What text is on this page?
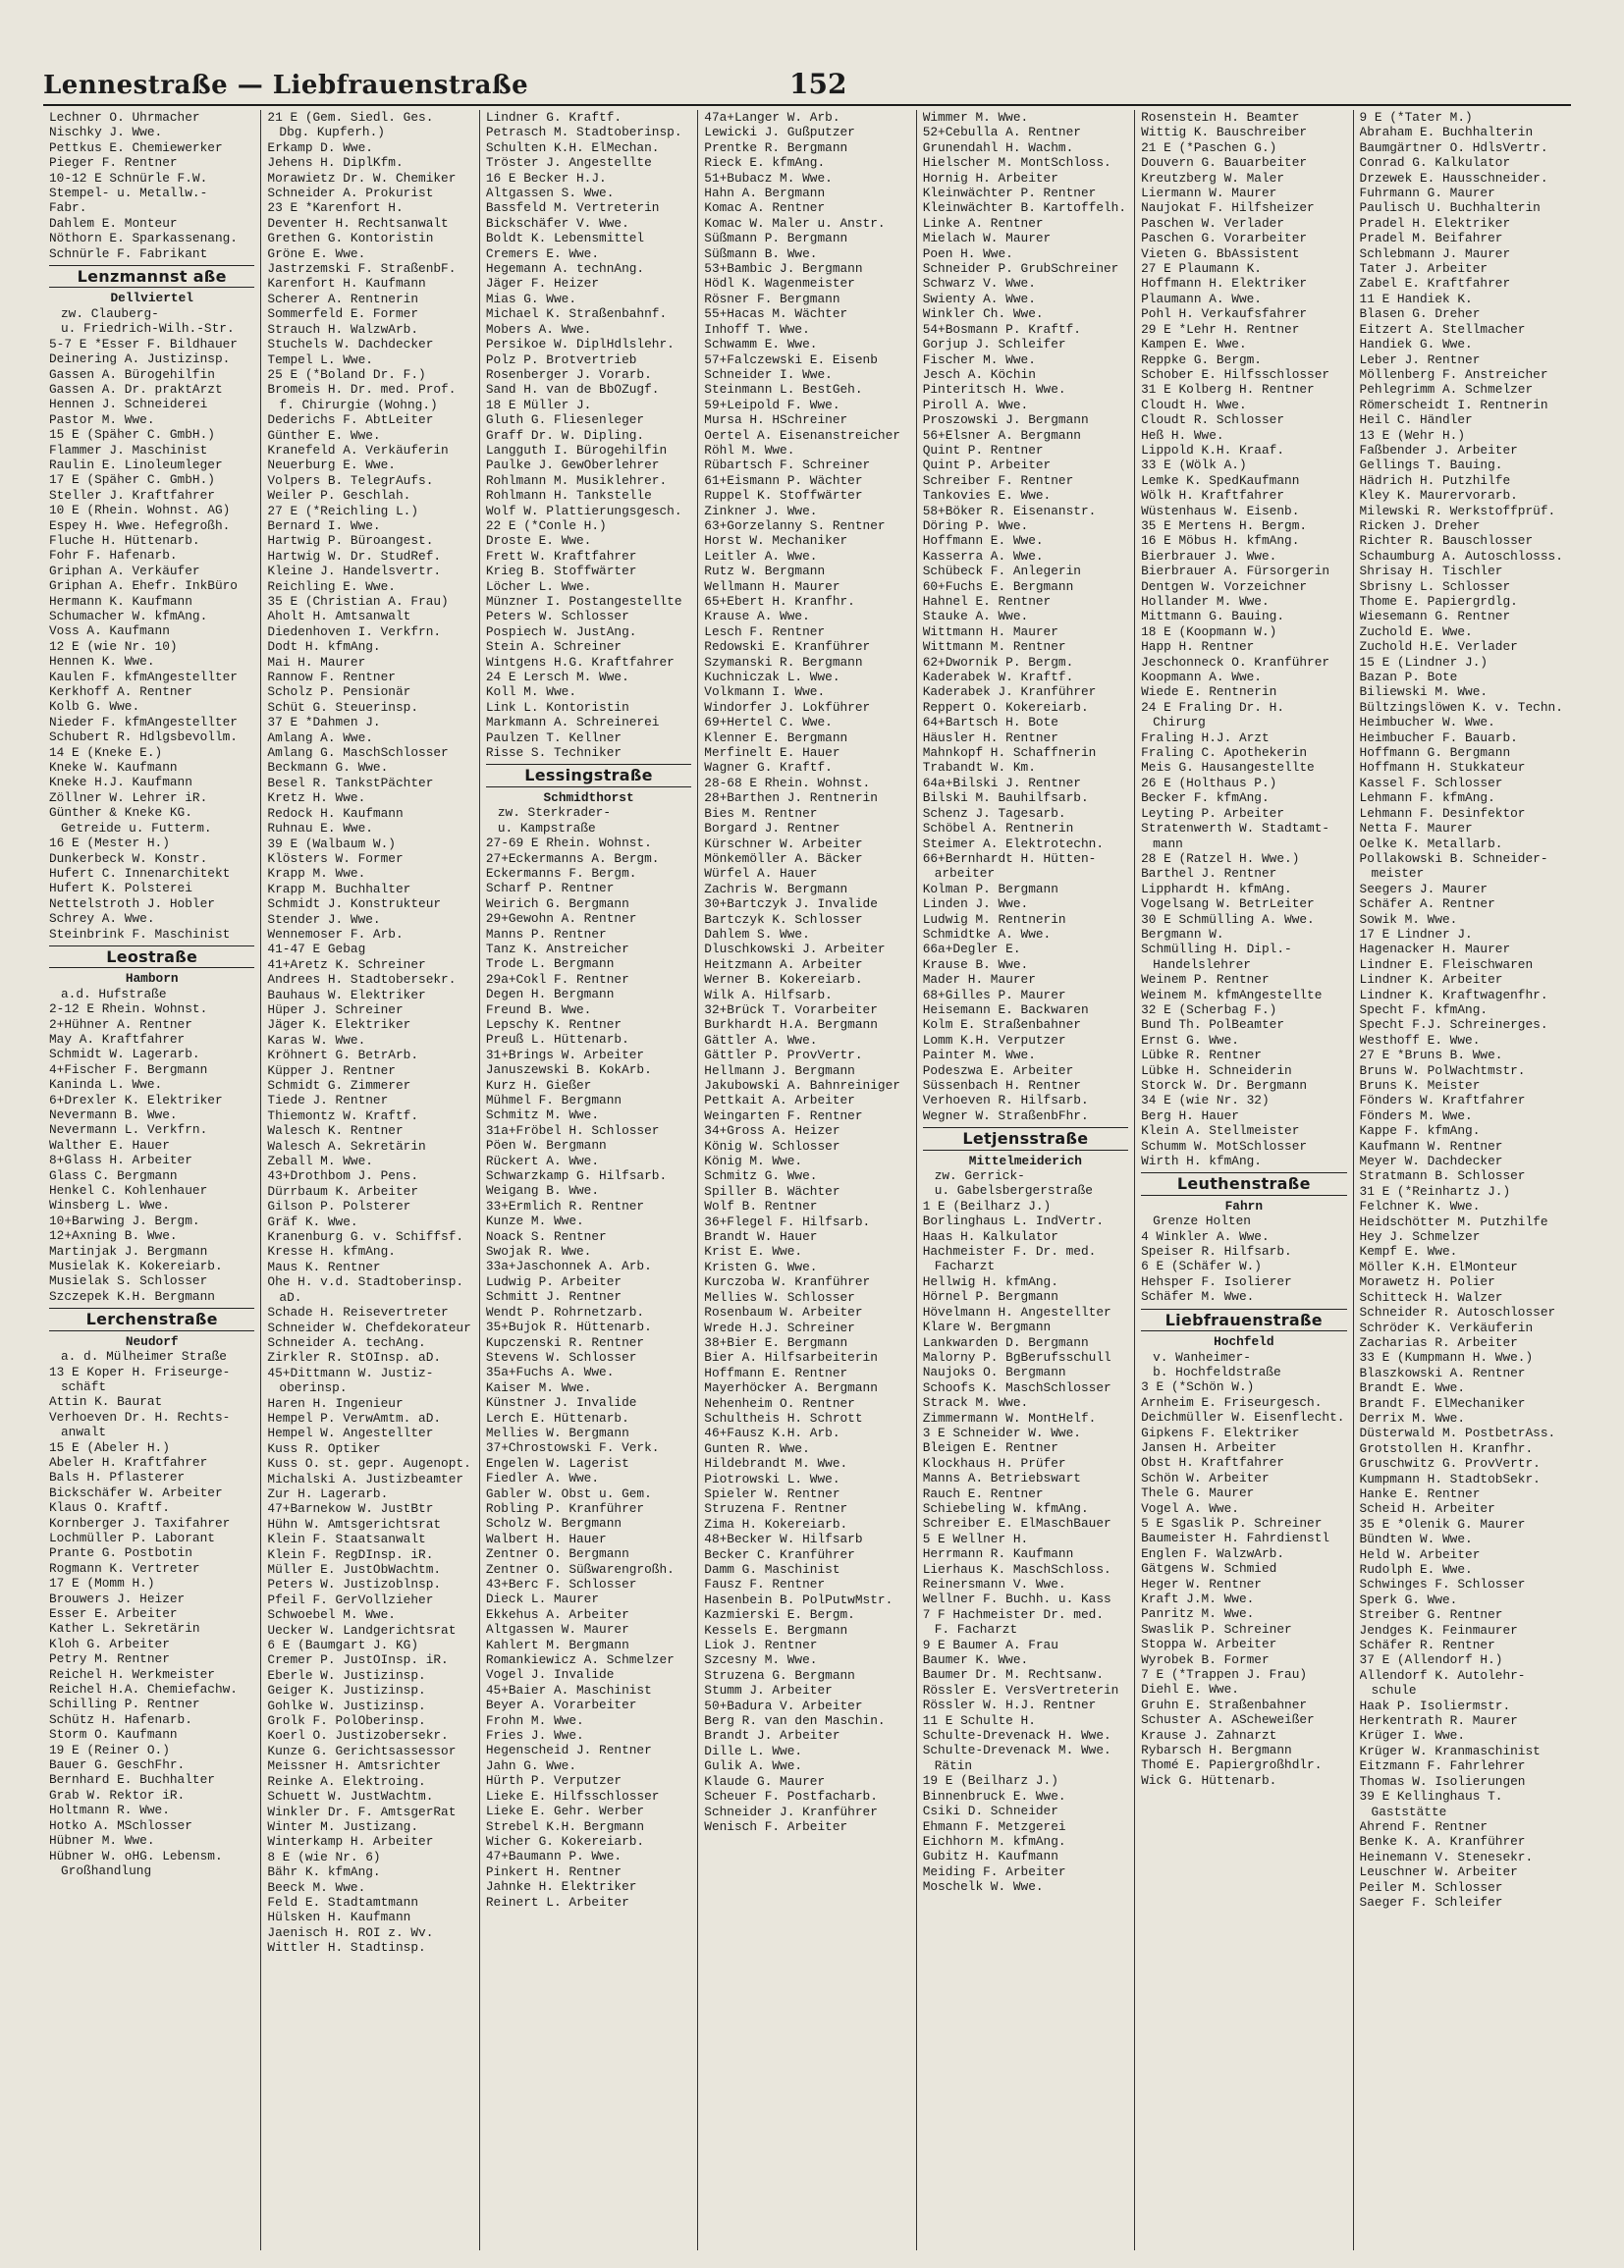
Lennestraße — Liebfrauenstraße	152
Lechner O. Uhrmacher
Nischky J. Wwe.
Pettkus E. Chemiewerker
Pieger F. Rentner
10-12 E Schnürle F.W.
Stempel- u. Metallw.-
Fabr.
Dahlem E. Monteur
Nöthorn E. Sparkassenang.
Schnürle F. Fabrikant
Lenzmannst aße
Dellviertel
zw. Clauberg-
u. Friedrich-Wilh.-Str.
5-7 E *Esser F. Bildhauer
Deinering A. Justizinsp.
Gassen A. Bürogehilfin
Gassen A. Dr. praktArzt
Hennen J. Schneiderei
Pastor M. Wwe.
15 E (Späher C. GmbH.)
Flammer J. Maschinist
Raulin E. Linoleumleger
17 E (Späher C. GmbH.)
Steller J. Kraftfahrer
10 E (Rhein. Wohnst. AG)
Espey H. Wwe. Hefegroßh.
Fluche H. Hüttenarb.
Fohr F. Hafenarb.
Griphan A. Verkäufer
Griphan A. Ehefr. InkBüro
Hermann K. Kaufmann
Schumacher W. kfmAng.
Voss A. Kaufmann
12 E (wie Nr. 10)
Hennen K. Wwe.
Kaulen F. kfmAngestellter
Kerkhoff A. Rentner
Kolb G. Wwe.
Nieder F. kfmAngestellter
Schubert R. Hdlgsbevollm.
14 E (Kneke E.)
Kneke W. Kaufmann
Kneke H.J. Kaufmann
Zöllner W. Lehrer iR.
Günther & Kneke KG.
Getreide u. Futterm.
16 E (Mester H.)
Dunkerbeck W. Konstr.
Hufert C. Innenarchitekt
Hufert K. Polsterei
Nettelstroth J. Hobler
Schrey A. Wwe.
Steinbrink F. Maschinist
Leostraße
Hamborn
a.d. Hufstraße
2-12 E Rhein. Wohnst.
2+Hühner A. Rentner
May A. Kraftfahrer
Schmidt W. Lagerarb.
4+Fischer F. Bergmann
Kaninda L. Wwe.
6+Drexler K. Elektriker
Nevermann B. Wwe.
Nevermann L. Verkfrn.
Walther E. Hauer
8+Glass H. Arbeiter
Glass C. Bergmann
Henkel C. Kohlenhauer
Winsberg L. Wwe.
10+Barwing J. Bergm.
12+Axning B. Wwe.
Martinjak J. Bergmann
Musielak K. Kokereiarb.
Musielak S. Schlosser
Szczepek K.H. Bergmann
Lerchenstraße
Neudorf
a. d. Mülheimer Straße
13 E Koper H. Friseurge-
schäft
Attin K. Baurat
Verhoeven Dr. H. Rechts-
anwalt
15 E (Abeler H.)
Abeler H. Kraftfahrer
Bals H. Pflasterer
Bickschäfer W. Arbeiter
Klaus O. Kraftf.
Kornberger J. Taxifahrer
Lochmüller P. Laborant
Prante G. Postbotin
Rogmann K. Vertreter
17 E (Momm H.)
Brouwers J. Heizer
Esser E. Arbeiter
Kather L. Sekretärin
Kloh G. Arbeiter
Petry M. Rentner
Reichel H. Werkmeister
Reichel H.A. Chemiefachw.
Schilling P. Rentner
Schütz H. Hafenarb.
Storm O. Kaufmann
19 E (Reiner O.)
Bauer G. GeschFhr.
Bernhard E. Buchhalter
Grab W. Rektor iR.
Holtmann R. Wwe.
Hotko A. MSchlosser
Hübner M. Wwe.
Hübner W. oHG. Lebensm.
Großhandlung
21 E (Gem. Siedl. Ges.
Dbg. Kupferh.)
Erkamp D. Wwe.
Jehens H. DiplKfm.
Morawietz Dr. W. Chemiker
Schneider A. Prokurist
23 E *Karenfort H.
Deventer H. Rechtsanwalt
Grethen G. Kontoristin
Gröne E. Wwe.
Jastrzemski F. StraßenbF.
Karenfort H. Kaufmann
Scherer A. Rentnerin
Sommerfeld E. Former
Strauch H. WalzwArb.
Stuchels W. Dachdecker
Tempel L. Wwe.
25 E (*Boland Dr. F.)
Bromeis H. Dr. med. Prof.
f. Chirurgie (Wohng.)
Dederichs F. AbtLeiter
Günther E. Wwe.
Kranefeld A. Verkäuferin
Neuerburg E. Wwe.
Volpers B. TelegrAufs.
Weiler P. Geschlah.
27 E (*Reichling L.)
Bernard I. Wwe.
Hartwig P. Büroangest.
Hartwig W. Dr. StudRef.
Kleine J. Handelsvertr.
Reichling E. Wwe.
35 E (Christian A. Frau)
Aholt H. Amtsanwalt
Diedenhoven I. Verkfrn.
Dodt H. kfmAng.
Mai H. Maurer
Rannow F. Rentner
Scholz P. Pensionär
Schüt G. Steuerinsp.
37 E *Dahmen J.
Amlang A. Wwe.
Amlang G. MaschSchlosser
Beckmann G. Wwe.
Besel R. TankstPächter
Kretz H. Wwe.
Redock H. Kaufmann
Ruhnau E. Wwe.
39 E (Walbaum W.)
Klösters W. Former
Krapp M. Wwe.
Krapp M. Buchhalter
Schmidt J. Konstrukteur
Stender J. Wwe.
Wennemoser F. Arb.
41-47 E Gebag
41+Aretz K. Schreiner
Andrees H. Stadtobersekr.
Bauhaus W. Elektriker
Hüper J. Schreiner
Jäger K. Elektriker
Karas W. Wwe.
Kröhnert G. BetrArb.
Küpper J. Rentner
Schmidt G. Zimmerer
Tiede J. Rentner
Thiemontz W. Kraftf.
Walesch K. Rentner
Walesch A. Sekretärin
Zeball M. Wwe.
43+Drothbom J. Pens.
Dürrbaum K. Arbeiter
Gilson P. Polsterer
Gräf K. Wwe.
Kranenburg G. v. Schiffsf.
Kresse H. kfmAng.
Maus K. Rentner
Ohe H. v.d. Stadtoberinsp.
aD.
Schade H. Reisevertreter
Schneider W. Chefdekorateur
Schneider A. techAng.
Zirkler R. StOInsp. aD.
45+Dittmann W. Justiz-
oberinsp.
Haren H. Ingenieur
Hempel P. VerwAmtm. aD.
Hempel W. Angestellter
Kuss R. Optiker
Kuss O. st. gepr. Augenopt.
Michalski A. Justizbeamter
Zur H. Lagerarb.
47+Barnekow W. JustBtr
Hühn W. Amtsgerichtsrat
Klein F. Staatsanwalt
Klein F. RegDInsp. iR.
Müller E. JustObWachtm.
Peters W. Justizoblnsp.
Pfeil F. GerVollzieher
Schwoebel M. Wwe.
Uecker W. Landgerichtsrat
6 E (Baumgart J. KG)
Cremer P. JustOInsp. iR.
Eberle W. Justizinsp.
Geiger K. Justizinsp.
Gohlke W. Justizinsp.
Grolk F. PolOberinsp.
Koerl O. Justizobersekr.
Kunze G. Gerichtsassessor
Meissner H. Amtsrichter
Reinke A. Elektroing.
Schuett W. JustWachtm.
Winkler Dr. F. AmtsgerRat
Winter M. Justizang.
Winterkamp H. Arbeiter
8 E (wie Nr. 6)
Bähr K. kfmAng.
Beeck M. Wwe.
Feld E. Stadtamtmann
Hülsken H. Kaufmann
Jaenisch H. ROI z. Wv.
Wittler H. Stadtinsp.
Lindner G. Kraftf.
Petrasch M. Stadtoberinsp.
Schulten K.H. ElMechan.
Tröster J. Angestellte
16 E Becker H.J.
Altgassen S. Wwe.
Bassfeld M. Vertreterin
Bickschäfer V. Wwe.
Boldt K. Lebensmittel
Cremers E. Wwe.
Hegemann A. technAng.
Jäger F. Heizer
Mias G. Wwe.
Michael K. Straßenbahnf.
Mobers A. Wwe.
Persikoe W. DiplHdlslehr.
Polz P. Brotvertrieb
Rosenberger J. Vorarb.
Sand H. van de BbOZugf.
18 E Müller J.
Gluth G. Fliesenleger
Graff Dr. W. Dipling.
Langguth I. Bürogehilfin
Paulke J. GewOberlehrer
Rohlmann M. Musiklehrer.
Rohlmann H. Tankstelle
Wolf W. Plattierungsgesch.
22 E (*Conle H.)
Droste E. Wwe.
Frett W. Kraftfahrer
Krieg B. Stoffwärter
Löcher L. Wwe.
Münzner I. Postangestellte
Peters W. Schlosser
Pospiech W. JustAng.
Stein A. Schreiner
Wintgens H.G. Kraftfahrer
24 E Lersch M. Wwe.
Koll M. Wwe.
Link L. Kontoristin
Markmann A. Schreinerei
Paulzen T. Kellner
Risse S. Techniker
Lessingstraße
Schmidthorst
zw. Sterkrader-
u. Kampstraße
27-69 E Rhein. Wohnst.
27+Eckermanns A. Bergm.
Eckermanns F. Bergm.
Scharf P. Rentner
Weirich G. Bergmann
29+Gewohn A. Rentner
Manns P. Rentner
Tanz K. Anstreicher
Trode L. Bergmann
29a+Cokl F. Rentner
Degen H. Bergmann
Freund B. Wwe.
Lepschy K. Rentner
Preuß L. Hüttenarb.
31+Brings W. Arbeiter
Januszewski B. KokArb.
Kurz H. Gießer
Mühmel F. Bergmann
Schmitz M. Wwe.
31a+Fröbel H. Schlosser
Pöen W. Bergmann
Rückert A. Wwe.
Schwarzkamp G. Hilfsarb.
Weigang B. Wwe.
33+Ermlich R. Rentner
Kunze M. Wwe.
Noack S. Rentner
Swojak R. Wwe.
33a+Jaschonnek A. Arb.
Ludwig P. Arbeiter
Schmitt J. Rentner
Wendt P. Rohrnetzarb.
35+Bujok R. Hüttenarb.
Kupczenski R. Rentner
Stevens W. Schlosser
35a+Fuchs A. Wwe.
Kaiser M. Wwe.
Künstner J. Invalide
Lerch E. Hüttenarb.
Mellies W. Bergmann
37+Chrostowski F. Verk.
Engelen W. Lagerist
Fiedler A. Wwe.
Gabler W. Obst u. Gem.
Robling P. Kranführer
Scholz W. Bergmann
Walbert H. Hauer
Zentner O. Bergmann
Zentner O. Süßwarengroßh.
43+Berc F. Schlosser
Dieck L. Maurer
Ekkehus A. Arbeiter
Altgassen W. Maurer
Kahlert M. Bergmann
Romankiewicz A. Schmelzer
Vogel J. Invalide
45+Baier A. Maschinist
Beyer A. Vorarbeiter
Frohn M. Wwe.
Fries J. Wwe.
Hegenscheid J. Rentner
Jahn G. Wwe.
Hürth P. Verputzer
Lieke E. Hilfsschlosser
Lieke E. Gehr. Werber
Strebel K.H. Bergmann
Wicher G. Kokereiarb.
47+Baumann P. Wwe.
Pinkert H. Rentner
Jahnke H. Elektriker
Reinert L. Arbeiter
47a+Langer W. Arb.
Lewicki J. Gußputzer
Prentke R. Bergmann
Rieck E. kfmAng.
51+Bubacz M. Wwe.
Hahn A. Bergmann
Komac A. Rentner
Komac W. Maler u. Anstr.
Süßmann P. Bergmann
Süßmann B. Wwe.
53+Bambic J. Bergmann
Hödl K. Wagenmeister
Rösner F. Bergmann
55+Hacas M. Wächter
Inhoff T. Wwe.
Schwamm E. Wwe.
57+Falczewski E. Eisenb
Schneider I. Wwe.
Steinmann L. BestGeh.
59+Leipold F. Wwe.
Mursa H. HSchreiner
Oertel A. Eisenanstreicher
Röhl M. Wwe.
Rübartsch F. Schreiner
61+Eismann P. Wächter
Ruppel K. Stoffwärter
Zinkner J. Wwe.
63+Gorzelanny S. Rentner
Horst W. Mechaniker
Leitler A. Wwe.
Rutz W. Bergmann
Wellmann H. Maurer
65+Ebert H. Kranfhr.
Krause A. Wwe.
Lesch F. Rentner
Redowski E. Kranführer
Szymanski R. Bergmann
Kuchniczak L. Wwe.
Volkmann I. Wwe.
Windorfer J. Lokführer
69+Hertel C. Wwe.
Klenner E. Bergmann
Merfinelt E. Hauer
Wagner G. Kraftf.
28-68 E Rhein. Wohnst.
28+Barthen J. Rentnerin
Bies M. Rentner
Borgard J. Rentner
Kürschner W. Arbeiter
Mönkemöller A. Bäcker
Würfel A. Hauer
Zachris W. Bergmann
30+Bartczyk J. Invalide
Bartczyk K. Schlosser
Dahlem S. Wwe.
Dluschkowski J. Arbeiter
Heitzmann A. Arbeiter
Werner B. Kokereiarb.
Wilk A. Hilfsarb.
32+Brück T. Vorarbeiter
Burkhardt H.A. Bergmann
Gättler A. Wwe.
Gättler P. ProvVertr.
Hellmann J. Bergmann
Jakubowski A. Bahnreiniger
Pettkait A. Arbeiter
Weingarten F. Rentner
34+Gross A. Heizer
König W. Schlosser
König M. Wwe.
Schmitz G. Wwe.
Spiller B. Wächter
Wolf B. Rentner
36+Flegel F. Hilfsarb.
Brandt W. Hauer
Krist E. Wwe.
Kristen G. Wwe.
Kurczoba W. Kranführer
Mellies W. Schlosser
Rosenbaum W. Arbeiter
Wrede H.J. Schreiner
38+Bier E. Bergmann
Bier A. Hilfsarbeiterin
Hoffmann E. Rentner
Mayerhöcker A. Bergmann
Nehenheim O. Rentner
Schultheis H. Schrott
46+Fausz K.H. Arb.
Gunten R. Wwe.
Hildebrandt M. Wwe.
Piotrowski L. Wwe.
Spieler W. Rentner
Struzena F. Rentner
Zima H. Kokereiarb.
48+Becker W. Hilfsarb
Becker C. Kranführer
Damm G. Maschinist
Fausz F. Rentner
Hasenbein B. PolPutwMstr.
Kazmierski E. Bergm.
Kessels E. Bergmann
Liok J. Rentner
Szcesny M. Wwe.
Struzena G. Bergmann
Stumm J. Arbeiter
50+Badura V. Arbeiter
Berg R. van den Maschin.
Brandt J. Arbeiter
Dille L. Wwe.
Gulik A. Wwe.
Klaude G. Maurer
Scheuer F. Postfacharb.
Schneider J. Kranführer
Wenisch F. Arbeiter
Wimmer M. Wwe.
52+Cebulla A. Rentner
Grunendahl H. Wachm.
Hielscher M. MontSchloss.
Hornig H. Arbeiter
Kleinwächter P. Rentner
Kleinwächter B. Kartoffelh.
Linke A. Rentner
Mielach W. Maurer
Poen H. Wwe.
Schneider P. GrubSchreiner
Schwarz V. Wwe.
Swienty A. Wwe.
Winkler Ch. Wwe.
54+Bosmann P. Kraftf.
Gorjup J. Schleifer
Fischer M. Wwe.
Jesch A. Köchin
Pinteritsch H. Wwe.
Piroll A. Wwe.
Proszowski J. Bergmann
56+Elsner A. Bergmann
Quint P. Rentner
Quint P. Arbeiter
Schreiber F. Rentner
Tankovies E. Wwe.
58+Böker R. Eisenanstr.
Döring P. Wwe.
Hoffmann E. Wwe.
Kasserra A. Wwe.
Schübeck F. Anlegerin
60+Fuchs E. Bergmann
Hahnel E. Rentner
Stauke A. Wwe.
Wittmann H. Maurer
Wittmann M. Rentner
62+Dwornik P. Bergm.
Kaderabek W. Kraftf.
Kaderabek J. Kranführer
Reppert O. Kokereiarb.
64+Bartsch H. Bote
Häusler H. Rentner
Mahnkopf H. Schaffnerin
Trabandt W. Km.
64a+Bilski J. Rentner
Bilski M. Bauhilfsarb.
Schenz J. Tagesarb.
Schöbel A. Rentnerin
Steimer A. Elektrotechn.
66+Bernhardt H. Hütten-
arbeiter
Kolman P. Bergmann
Linden J. Wwe.
Ludwig M. Rentnerin
Schmidtke A. Wwe.
66a+Degler E.
Krause B. Wwe.
Mader H. Maurer
68+Gilles P. Maurer
Heisemann E. Backwaren
Kolm E. Straßenbahner
Lomm K.H. Verputzer
Painter M. Wwe.
Podeszwa E. Arbeiter
Süssenbach H. Rentner
Verhoeven R. Hilfsarb.
Wegner W. StraßenbFhr.
Letjensstraße
Mittelmeiderich
zw. Gerrick-
u. Gabelsbergerstraße
1 E (Beilharz J.)
Borlinghaus L. IndVertr.
Haas H. Kalkulator
Hachmeister F. Dr. med.
Facharzt
Hellwig H. kfmAng.
Hörnel P. Bergmann
Hövelmann H. Angestellter
Klare W. Bergmann
Lankwarden D. Bergmann
Malorny P. BgBerufsschull
Naujoks O. Bergmann
Schoofs K. MaschSchlosser
Strack M. Wwe.
Zimmermann W. MontHelf.
3 E Schneider W. Wwe.
Bleigen E. Rentner
Klockhaus H. Prüfer
Manns A. Betriebswart
Rauch E. Rentner
Schiebeling W. kfmAng.
Schreiber E. ElMaschBauer
5 E Wellner H.
Herrmann R. Kaufmann
Lierhaus K. MaschSchloss.
Reinersmann V. Wwe.
Wellner F. Buchh. u. Kass
7 F Hachmeister Dr. med.
F. Facharzt
9 E Baumer A. Frau
Baumer K. Wwe.
Baumer Dr. M. Rechtsanw.
Rössler E. VersVertreterin
Rössler W. H.J. Rentner
11 E Schulte H.
Schulte-Drevenack H. Wwe.
Schulte-Drevenack M. Wwe.
Rätin
19 E (Beilharz J.)
Binnenbruck E. Wwe.
Csiki D. Schneider
Ehmann F. Metzgerei
Eichhorn M. kfmAng.
Gubitz H. Kaufmann
Meiding F. Arbeiter
Moschelk W. Wwe.
Rosenstein H. Beamter
Wittig K. Bauschreiber
21 E (*Paschen G.)
Douvern G. Bauarbeiter
Kreutzberg W. Maler
Liermann W. Maurer
Naujokat F. Hilfsheizer
Paschen W. Verlader
Paschen G. Vorarbeiter
Vieten G. BbAssistent
27 E Plaumann K.
Hoffmann H. Elektriker
Plaumann A. Wwe.
Pohl H. Verkaufsfahrer
29 E *Lehr H. Rentner
Kampen E. Wwe.
Reppke G. Bergm.
Schober E. Hilfsschlosser
31 E Kolberg H. Rentner
Cloudt H. Wwe.
Cloudt R. Schlosser
Heß H. Wwe.
Lippold K.H. Kraaf.
33 E (Wölk A.)
Lemke K. SpedKaufmann
Wölk H. Kraftfahrer
Wüstenhaus W. Eisenb.
35 E Mertens H. Bergm.
16 E Möbus H. kfmAng.
Bierbrauer J. Wwe.
Bierbrauer A. Fürsorgerin
Dentgen W. Vorzeichner
Hollander M. Wwe.
Mittmann G. Bauing.
18 E (Koopmann W.)
Happ H. Rentner
Jeschonneck O. Kranführer
Koopmann A. Wwe.
Wiede E. Rentnerin
24 E Fraling Dr. H.
Chirurg
Fraling H.J. Arzt
Fraling C. Apothekerin
Meis G. Hausangestellte
26 E (Holthaus P.)
Becker F. kfmAng.
Leyting P. Arbeiter
Stratenwerth W. Stadtamt-
mann
28 E (Ratzel H. Wwe.)
Barthel J. Rentner
Lipphardt H. kfmAng.
Vogelsang W. BetrLeiter
30 E Schmülling A. Wwe.
Bergmann W.
Schmülling H. Dipl.-
Handelslehrer
Weinem P. Rentner
Weinem M. kfmAngestellte
32 E (Scherbag F.)
Bund Th. PolBeamter
Ernst G. Wwe.
Lübke R. Rentner
Lübke H. Schneiderin
Storck W. Dr. Bergmann
34 E (wie Nr. 32)
Berg H. Hauer
Klein A. Stellmeister
Schumm W. MotSchlosser
Wirth H. kfmAng.
Leuthenstraße
Fahrn
Grenze Holten
4 Winkler A. Wwe.
Speiser R. Hilfsarb.
6 E (Schäfer W.)
Hehsper F. Isolierer
Schäfer M. Wwe.
Liebfrauenstraße
Hochfeld
v. Wanheimer-
b. Hochfeldstraße
3 E (*Schön W.)
Arnheim E. Friseurgesch.
Deichmüller W. Eisenflecht.
Gipkens F. Elektriker
Jansen H. Arbeiter
Obst H. Kraftfahrer
Schön W. Arbeiter
Thele G. Maurer
Vogel A. Wwe.
5 E Sgaslik P. Schreiner
Baumeister H. Fahrdienstl
Englen F. WalzwArb.
Gätgens W. Schmied
Heger W. Rentner
Kraft J.M. Wwe.
Panritz M. Wwe.
Swaslik P. Schreiner
Stoppa W. Arbeiter
Wyrobek B. Former
7 E (*Trappen J. Frau)
Diehl E. Wwe.
Gruhn E. Straßenbahner
Schuster A. AScheweißer
Krause J. Zahnarzt
Rybarsch H. Bergmann
Thomé E. Papiergroßhdlr.
Wick G. Hüttenarb.
9 E (*Tater M.)
Abraham E. Buchhalterin
Baumgärtner O. HdlsVertr.
Conrad G. Kalkulator
Drzewek E. Hausschneider.
Fuhrmann G. Maurer
Paulisch U. Buchhalterin
Pradel H. Elektriker
Pradel M. Beifahrer
Schlebmann J. Maurer
Tater J. Arbeiter
Zabel E. Kraftfahrer
11 E Handiek K.
Blasen G. Dreher
Eitzert A. Stellmacher
Handiek G. Wwe.
Leber J. Rentner
Möllenberg F. Anstreicher
Pehlegrimm A. Schmelzer
Römerscheidt I. Rentnerin
Heil C. Händler
13 E (Wehr H.)
Faßbender J. Arbeiter
Gellings T. Bauing.
Hädrich H. Putzhilfe
Kley K. Maurervorarb.
Milewski R. Werkstoffprüf.
Ricken J. Dreher
Richter R. Bauschlosser
Schaumburg A. Autoschlosss.
Shrisay H. Tischler
Sbrisny L. Schlosser
Thome E. Papiergrdlg.
Wiesemann G. Rentner
Zuchold E. Wwe.
Zuchold H.E. Verlader
15 E (Lindner J.)
Bazan P. Bote
Biliewski M. Wwe.
Bültzingslöwen K. v. Techn.
Heimbucher W. Wwe.
Heimbucher F. Bauarb.
Hoffmann G. Bergmann
Hoffmann H. Stukkateur
Kassel F. Schlosser
Lehmann F. kfmAng.
Lehmann F. Desinfektor
Netta F. Maurer
Oelke K. Metallarb.
Pollakowski B. Schneider-
meister
Seegers J. Maurer
Schäfer A. Rentner
Sowik M. Wwe.
17 E Lindner J.
Hagenacker H. Maurer
Lindner E. Fleischwaren
Lindner K. Arbeiter
Lindner K. Kraftwagenfhr.
Specht F. kfmAng.
Specht F.J. Schreinerges.
Westhoff E. Wwe.
27 E *Bruns B. Wwe.
Bruns W. PolWachtmstr.
Bruns K. Meister
Fönders W. Kraftfahrer
Fönders M. Wwe.
Kappe F. kfmAng.
Kaufmann W. Rentner
Meyer W. Dachdecker
Stratmann B. Schlosser
31 E (*Reinhartz J.)
Felchner K. Wwe.
Heidschötter M. Putzhilfe
Hey J. Schmelzer
Kempf E. Wwe.
Möller K.H. ElMonteur
Morawetz H. Polier
Schitteck H. Walzer
Schneider R. Autoschlosser
Schröder K. Verkäuferin
Zacharias R. Arbeiter
33 E (Kumpmann H. Wwe.)
Blaszkowski A. Rentner
Brandt E. Wwe.
Brandt F. ElMechaniker
Derrix M. Wwe.
Düsterwald M. PostbetrAss.
Grotstollen H. Kranfhr.
Gruschwitz G. ProvVertr.
Kumpmann H. StadtobSekr.
Hanke E. Rentner
Scheid H. Arbeiter
35 E *Olenik G. Maurer
Bündten W. Wwe.
Held W. Arbeiter
Rudolph E. Wwe.
Schwinges F. Schlosser
Sperk G. Wwe.
Streiber G. Rentner
Jendges K. Feinmaurer
Schäfer R. Rentner
37 E (Allendorf H.)
Allendorf K. Autolehr-
schule
Haak P. Isoliermstr.
Herkentrath R. Maurer
Krüger I. Wwe.
Krüger W. Kranmaschinist
Eitzmann F. Fahrlehrer
Thomas W. Isolierungen
39 E Kellinghaus T.
Gaststätte
Ahrend F. Rentner
Benke K. A. Kranführer
Heinemann V. Stenesekr.
Leuschner W. Arbeiter
Peiler M. Schlosser
Saeger F. Schleifer
